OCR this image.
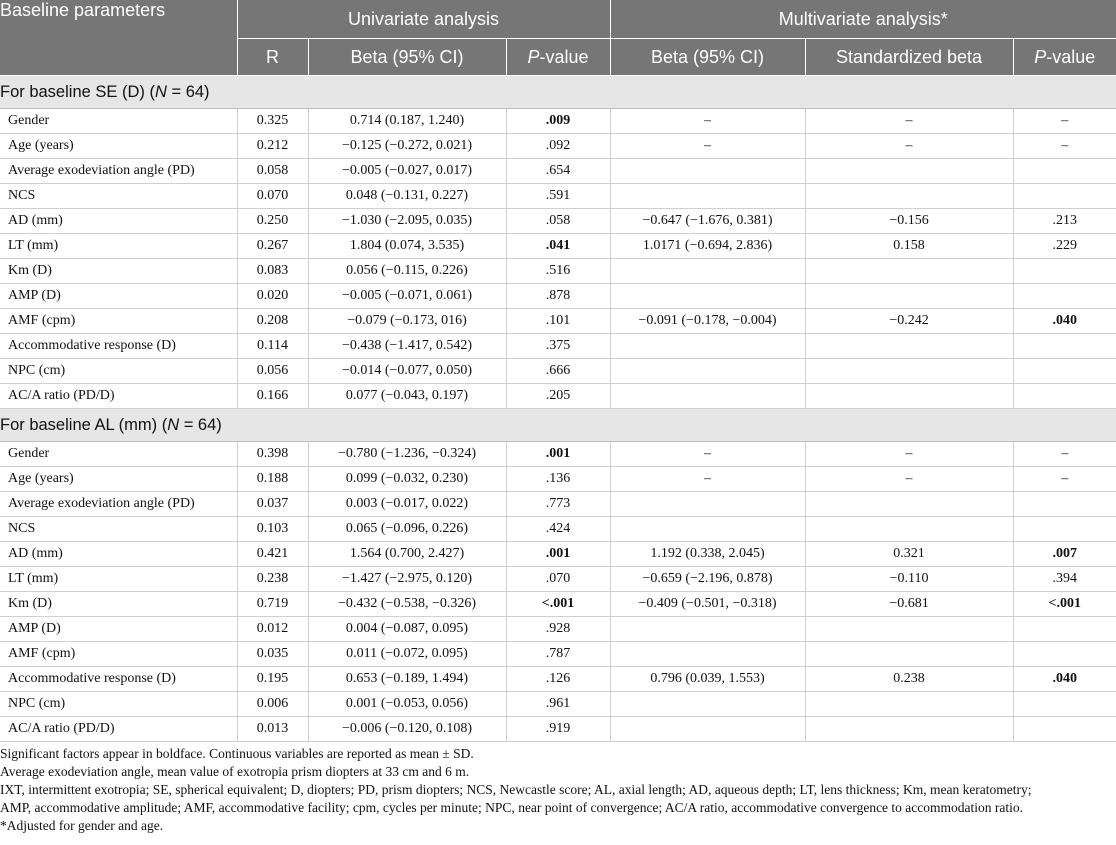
Baseline parameters	Univariate analysis			Multivariate analysis*		
	R	Beta (95% CI)	P-value	Beta (95% CI)	Standardized beta	P-value
For baseline SE (D) (N = 64)						
Gender	0.325	0.714 (0.187, 1.240)	.009	–	–	–
Age (years)	0.212	−0.125 (−0.272, 0.021)	.092	–	–	–
Average exodeviation angle (PD)	0.058	−0.005 (−0.027, 0.017)	.654			
NCS	0.070	0.048 (−0.131, 0.227)	.591			
AD (mm)	0.250	−1.030 (−2.095, 0.035)	.058	−0.647 (−1.676, 0.381)	−0.156	.213
LT (mm)	0.267	1.804 (0.074, 3.535)	.041	1.0171 (−0.694, 2.836)	0.158	.229
Km (D)	0.083	0.056 (−0.115, 0.226)	.516			
AMP (D)	0.020	−0.005 (−0.071, 0.061)	.878			
AMF (cpm)	0.208	−0.079 (−0.173, 016)	.101	−0.091 (−0.178, −0.004)	−0.242	.040
Accommodative response (D)	0.114	−0.438 (−1.417, 0.542)	.375			
NPC (cm)	0.056	−0.014 (−0.077, 0.050)	.666			
AC/A ratio (PD/D)	0.166	0.077 (−0.043, 0.197)	.205			
For baseline AL (mm) (N = 64)						
Gender	0.398	−0.780 (−1.236, −0.324)	.001	–	–	–
Age (years)	0.188	0.099 (−0.032, 0.230)	.136	–	–	–
Average exodeviation angle (PD)	0.037	0.003 (−0.017, 0.022)	.773			
NCS	0.103	0.065 (−0.096, 0.226)	.424			
AD (mm)	0.421	1.564 (0.700, 2.427)	.001	1.192 (0.338, 2.045)	0.321	.007
LT (mm)	0.238	−1.427 (−2.975, 0.120)	.070	−0.659 (−2.196, 0.878)	−0.110	.394
Km (D)	0.719	−0.432 (−0.538, −0.326)	<.001	−0.409 (−0.501, −0.318)	−0.681	<.001
AMP (D)	0.012	0.004 (−0.087, 0.095)	.928			
AMF (cpm)	0.035	0.011 (−0.072, 0.095)	.787			
Accommodative response (D)	0.195	0.653 (−0.189, 1.494)	.126	0.796 (0.039, 1.553)	0.238	.040
NPC (cm)	0.006	0.001 (−0.053, 0.056)	.961			
AC/A ratio (PD/D)	0.013	−0.006 (−0.120, 0.108)	.919			
Significant factors appear in boldface. Continuous variables are reported as mean ± SD.
Average exodeviation angle, mean value of exotropia prism diopters at 33 cm and 6 m.
IXT, intermittent exotropia; SE, spherical equivalent; D, diopters; PD, prism diopters; NCS, Newcastle score; AL, axial length; AD, aqueous depth; LT, lens thickness; Km, mean keratometry;
AMP, accommodative amplitude; AMF, accommodative facility; cpm, cycles per minute; NPC, near point of convergence; AC/A ratio, accommodative convergence to accommodation ratio.
*Adjusted for gender and age.
